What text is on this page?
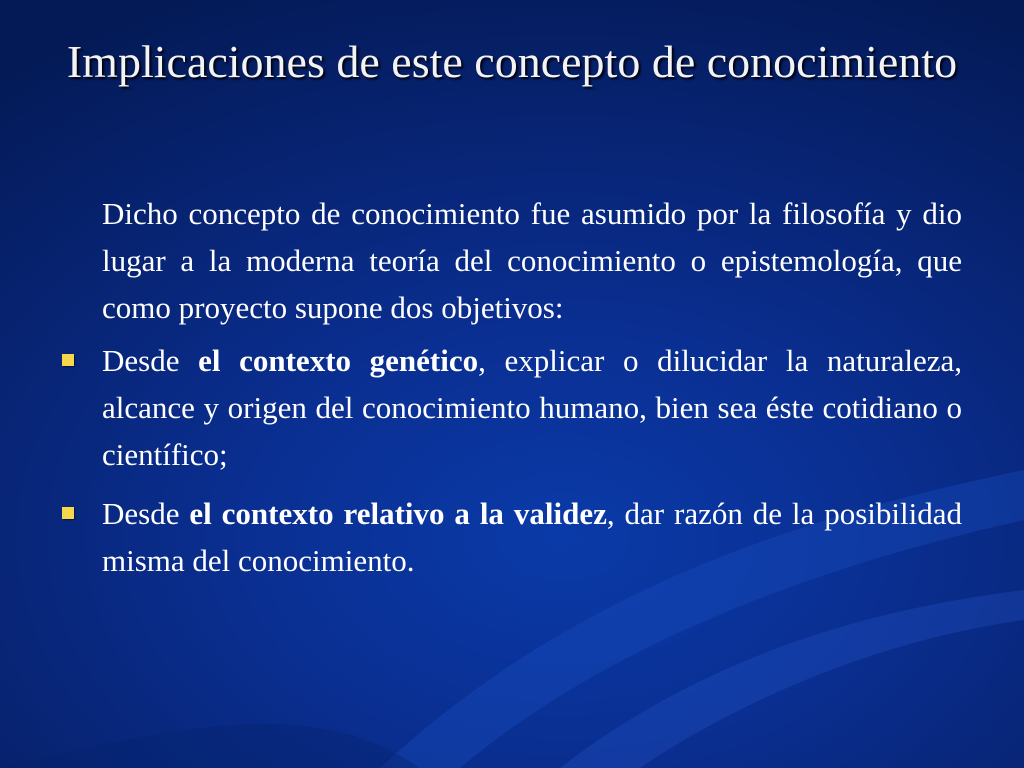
Implicaciones de este concepto de conocimiento

Dicho concepto de conocimiento fue asumido por la filosofía y dio lugar a la moderna teoría del conocimiento o epistemología, que como proyecto supone dos objetivos:

Desde el contexto genético, explicar o dilucidar la naturaleza, alcance y origen del conocimiento humano, bien sea éste cotidiano o científico;
Desde el contexto relativo a la validez, dar razón de la posibilidad misma del conocimiento.
